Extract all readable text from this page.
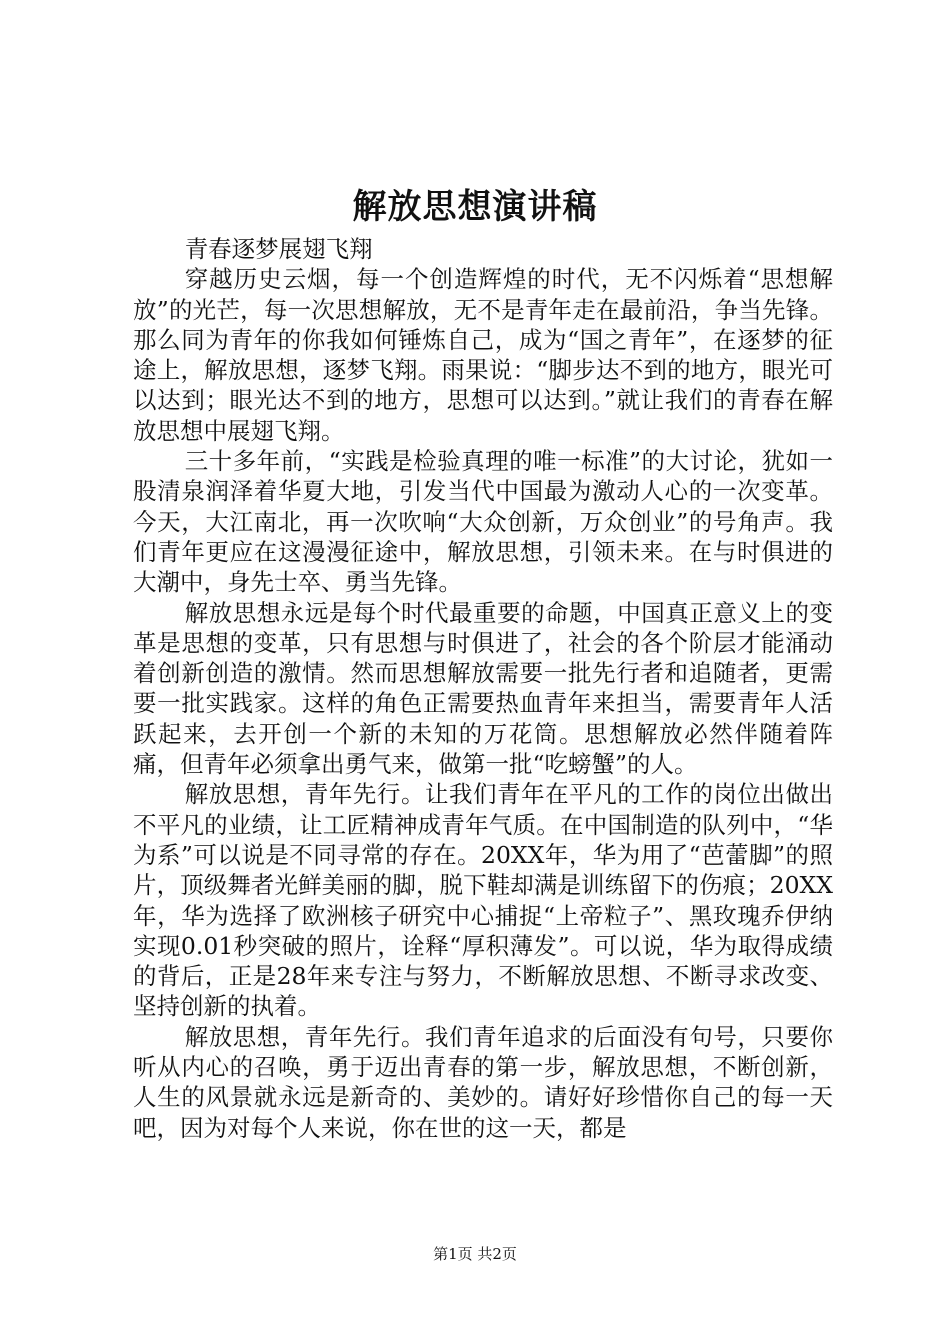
解放思想演讲稿

青春逐梦展翅飞翔

穿越历史云烟，每一个创造辉煌的时代，无不闪烁着“思想解放”的光芒，每一次思想解放，无不是青年走在最前沿，争当先锋。那么同为青年的你我如何锤炼自己，成为“国之青年”，在逐梦的征途上，解放思想，逐梦飞翔。雨果说：“脚步达不到的地方，眼光可以达到；眼光达不到的地方，思想可以达到。”就让我们的青春在解放思想中展翅飞翔。

三十多年前，“实践是检验真理的唯一标准”的大讨论，犹如一股清泉润泽着华夏大地，引发当代中国最为激动人心的一次变革。今天，大江南北，再一次吹响“大众创新，万众创业”的号角声。我们青年更应在这漫漫征途中，解放思想，引领未来。在与时俱进的大潮中，身先士卒、勇当先锋。

解放思想永远是每个时代最重要的命题，中国真正意义上的变革是思想的变革，只有思想与时俱进了，社会的各个阶层才能涌动着创新创造的激情。然而思想解放需要一批先行者和追随者，更需要一批实践家。这样的角色正需要热血青年来担当，需要青年人活跃起来，去开创一个新的未知的万花筒。思想解放必然伴随着阵痛，但青年必须拿出勇气来，做第一批“吃螃蟹”的人。

解放思想，青年先行。让我们青年在平凡的工作的岗位出做出不平凡的业绩，让工匠精神成青年气质。在中国制造的队列中，“华为系”可以说是不同寻常的存在。20XX年，华为用了“芭蕾脚”的照片，顶级舞者光鲜美丽的脚，脱下鞋却满是训练留下的伤痕；20XX年，华为选择了欧洲核子研究中心捕捉“上帝粒子”、黑玫瑰乔伊纳实现0.01秒突破的照片，诠释“厚积薄发”。可以说，华为取得成绩的背后，正是28年来专注与努力，不断解放思想、不断寻求改变、坚持创新的执着。

解放思想，青年先行。我们青年追求的后面没有句号，只要你听从内心的召唤，勇于迈出青春的第一步，解放思想，不断创新，人生的风景就永远是新奇的、美妙的。请好好珍惜你自己的每一天吧，因为对每个人来说，你在世的这一天，都是

第1页 共2页
